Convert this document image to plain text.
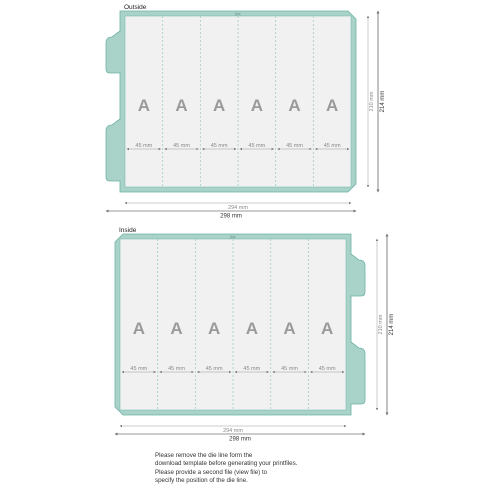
A
45 mm
A
45 mm
A
45 mm
A
45 mm
A
45 mm
A
45 mm
Outside
✂
294 mm
298 mm
210 mm 214 mm
A
45 mm
A
45 mm
A
45 mm
A
45 mm
A
45 mm
A
45 mm
Inside
✂
294 mm
298 mm
210 mm 214 mm
Please remove the die line form the
download template before generating your printfiles.
Please provide a second file (view file) to
specify the position of the die line.
